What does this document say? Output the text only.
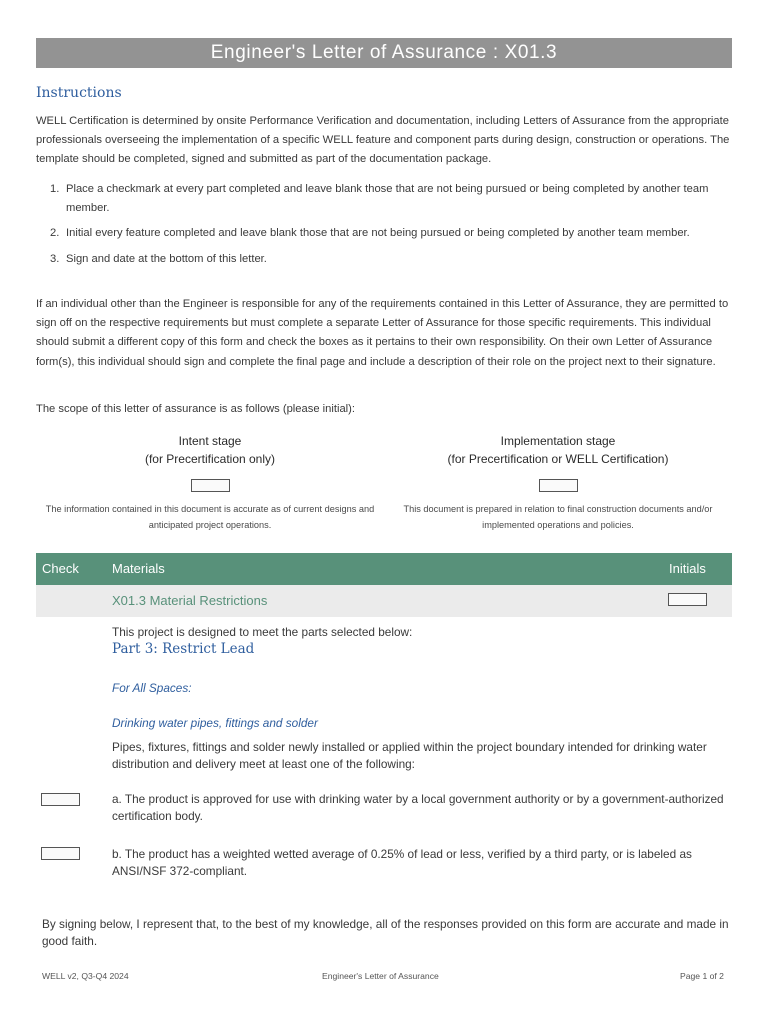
Engineer's Letter of Assurance : X01.3
Instructions
WELL Certification is determined by onsite Performance Verification and documentation, including Letters of Assurance from the appropriate professionals overseeing the implementation of a specific WELL feature and component parts during design, construction or operations. The template should be completed, signed and submitted as part of the documentation package.
1. Place a checkmark at every part completed and leave blank those that are not being pursued or being completed by another team member.
2. Initial every feature completed and leave blank those that are not being pursued or being completed by another team member.
3. Sign and date at the bottom of this letter.
If an individual other than the Engineer is responsible for any of the requirements contained in this Letter of Assurance, they are permitted to sign off on the respective requirements but must complete a separate Letter of Assurance for those specific requirements. This individual should submit a different copy of this form and check the boxes as it pertains to their own responsibility. On their own Letter of Assurance form(s), this individual should sign and complete the final page and include a description of their role on the project next to their signature.
The scope of this letter of assurance is as follows (please initial):
Intent stage
(for Precertification only)
The information contained in this document is accurate as of current designs and anticipated project operations.
Implementation stage
(for Precertification or WELL Certification)
This document is prepared in relation to final construction documents and/or implemented operations and policies.
Check	Materials	Initials
X01.3 Material Restrictions
This project is designed to meet the parts selected below:
Part 3: Restrict Lead
For All Spaces:
Drinking water pipes, fittings and solder
Pipes, fixtures, fittings and solder newly installed or applied within the project boundary intended for drinking water distribution and delivery meet at least one of the following:
a. The product is approved for use with drinking water by a local government authority or by a government-authorized certification body.
b. The product has a weighted wetted average of 0.25% of lead or less, verified by a third party, or is labeled as ANSI/NSF 372-compliant.
By signing below, I represent that, to the best of my knowledge, all of the responses provided on this form are accurate and made in good faith.
WELL v2, Q3-Q4 2024	Engineer's Letter of Assurance	Page 1 of 2
